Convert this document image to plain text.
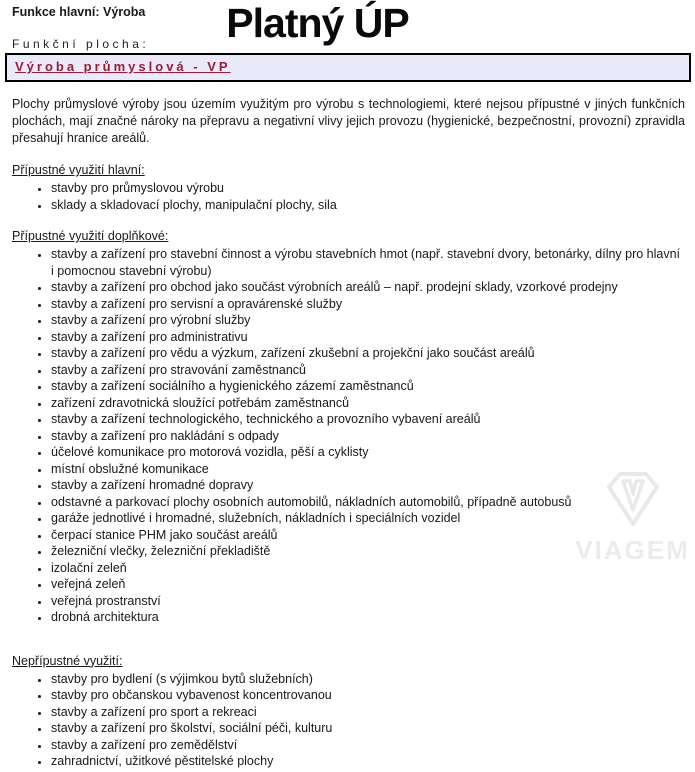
Funkce hlavní: Výroba	Platný ÚP
Funkční plocha:
Výroba průmyslová - VP

Plochy průmyslové výroby jsou územím využitým pro výrobu s technologiemi, které nejsou přípustné v jiných funkčních plochách, mají značné nároky na přepravu a negativní vlivy jejich provozu (hygienické, bezpečnostní, provozní) zpravidla přesahují hranice areálů.

Přípustné využití hlavní:
• stavby pro průmyslovou výrobu
• sklady a skladovací plochy, manipulační plochy, sila
Přípustné využití doplňkové:
• stavby a zařízení pro stavební činnost a výrobu stavebních hmot (např. stavební dvory, betonárky, dílny pro hlavní i pomocnou stavební výrobu)
• stavby a zařízení pro obchod jako součást výrobních areálů – např. prodejní sklady, vzorkové prodejny
• stavby a zařízení pro servisní a opravárenské služby
• stavby a zařízení pro výrobní služby
• stavby a zařízení pro administrativu
• stavby a zařízení pro vědu a výzkum, zařízení zkušební a projekční jako součást areálů
• stavby a zařízení pro stravování zaměstnanců
• stavby a zařízení sociálního a hygienického zázemí zaměstnanců
• zařízení zdravotnická sloužící potřebám zaměstnanců
• stavby a zařízení technologického, technického a provozního vybavení areálů
• stavby a zařízení pro nakládání s odpady
• účelové komunikace pro motorová vozidla, pěší a cyklisty
• místní obslužné komunikace
• stavby a zařízení hromadné dopravy
• odstavné a parkovací plochy osobních automobilů, nákladních automobilů, případně autobusů
• garáže jednotlivé i hromadné, služebních, nákladních i speciálních vozidel
• čerpací stanice PHM jako součást areálů
• železniční vlečky, železniční překladiště
• izolační zeleň
• veřejná zeleň
• veřejná prostranství
• drobná architektura
Nepřípustné využití:
• stavby pro bydlení (s výjimkou bytů služebních)
• stavby pro občanskou vybavenost koncentrovanou
• stavby a zařízení pro sport a rekreaci
• stavby a zařízení pro školství, sociální péči, kulturu
• stavby a zařízení pro zemědělství
• zahradnictví, užitkové pěstitelské plochy
VIAGEM
